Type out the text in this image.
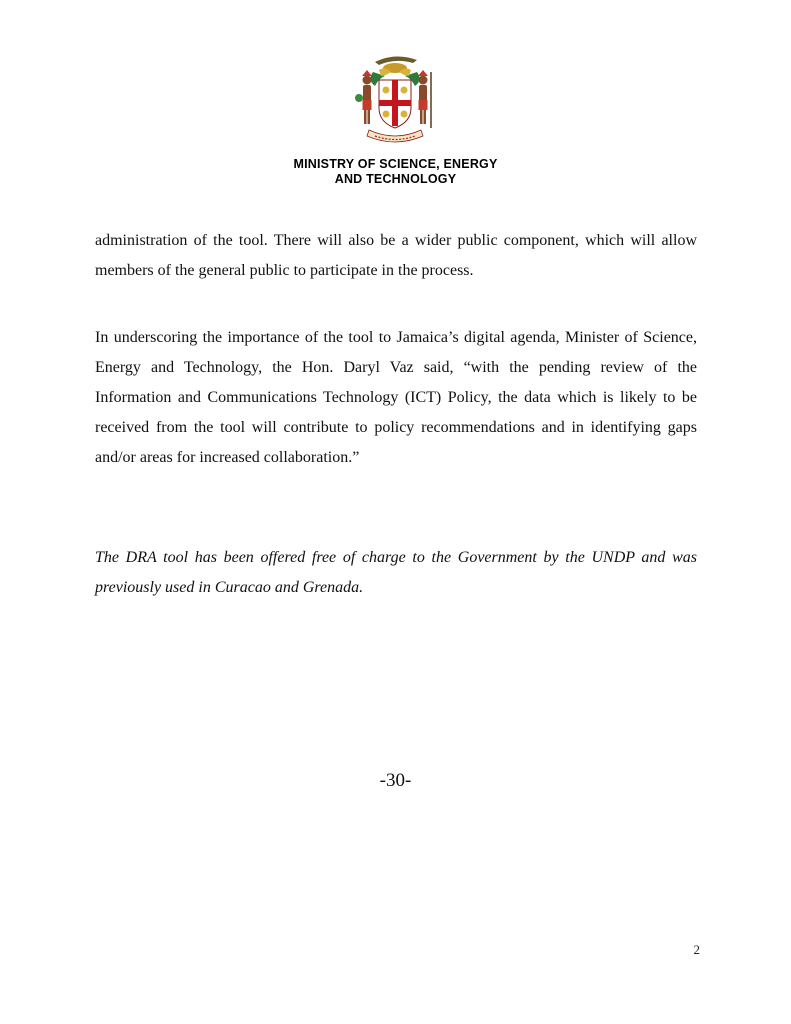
MINISTRY OF SCIENCE, ENERGY
AND TECHNOLOGY
administration of the tool. There will also be a wider public component, which will allow members of the general public to participate in the process.
In underscoring the importance of the tool to Jamaica’s digital agenda, Minister of Science, Energy and Technology, the Hon. Daryl Vaz said, “with the pending review of the Information and Communications Technology (ICT) Policy, the data which is likely to be received from the tool will contribute to policy recommendations and in identifying gaps and/or areas for increased collaboration.”
The DRA tool has been offered free of charge to the Government by the UNDP and was previously used in Curacao and Grenada.
-30-
2
